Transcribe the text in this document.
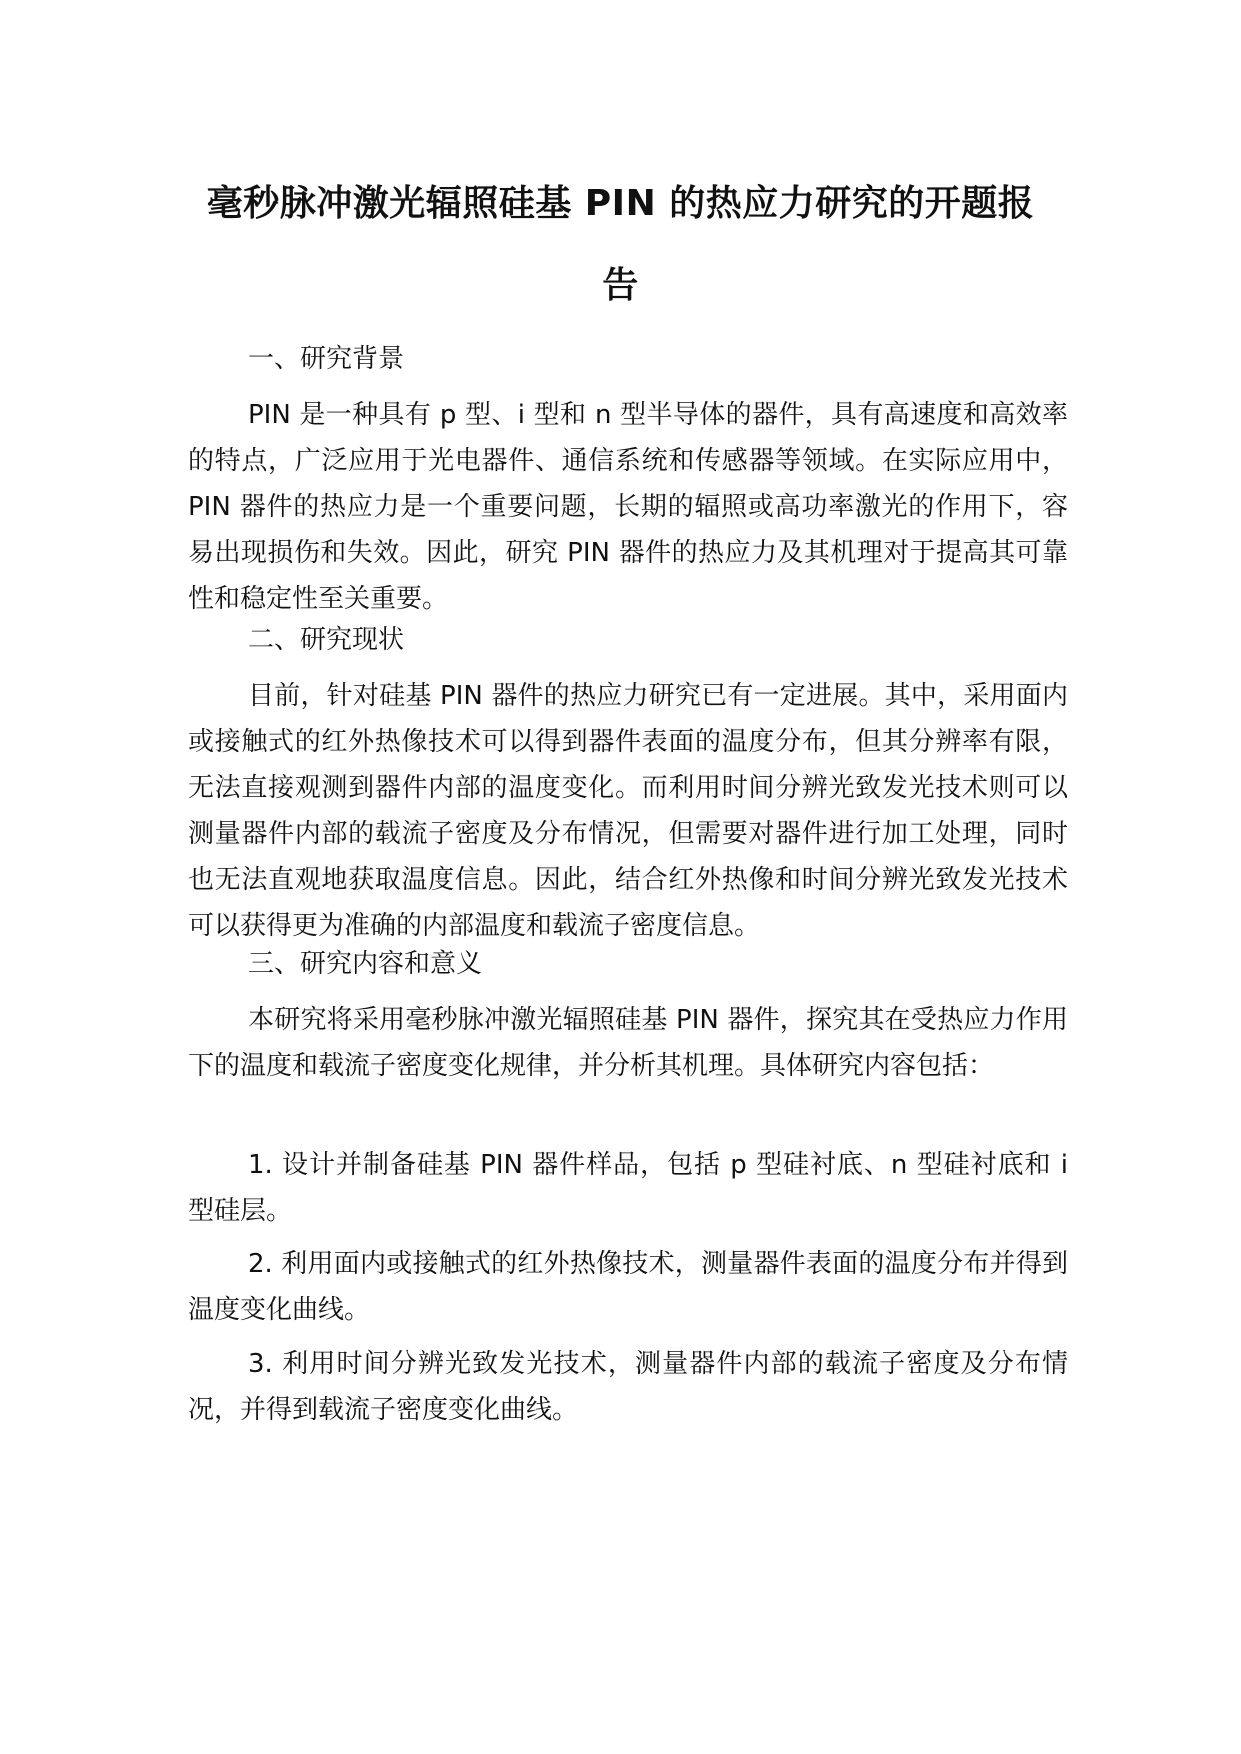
毫秒脉冲激光辐照硅基 PIN 的热应力研究的开题报
告
一、研究背景

PIN 是一种具有 p 型、i 型和 n 型半导体的器件，具有高速度和高效率的特点，广泛应用于光电器件、通信系统和传感器等领域。在实际应用中，PIN 器件的热应力是一个重要问题，长期的辐照或高功率激光的作用下，容易出现损伤和失效。因此，研究 PIN 器件的热应力及其机理对于提高其可靠性和稳定性至关重要。

二、研究现状

目前，针对硅基 PIN 器件的热应力研究已有一定进展。其中，采用面内或接触式的红外热像技术可以得到器件表面的温度分布，但其分辨率有限，无法直接观测到器件内部的温度变化。而利用时间分辨光致发光技术则可以测量器件内部的载流子密度及分布情况，但需要对器件进行加工处理，同时也无法直观地获取温度信息。因此，结合红外热像和时间分辨光致发光技术可以获得更为准确的内部温度和载流子密度信息。

三、研究内容和意义

本研究将采用毫秒脉冲激光辐照硅基 PIN 器件，探究其在受热应力作用下的温度和载流子密度变化规律，并分析其机理。具体研究内容包括：

1. 设计并制备硅基 PIN 器件样品，包括 p 型硅衬底、n 型硅衬底和 i 型硅层。

2. 利用面内或接触式的红外热像技术，测量器件表面的温度分布并得到温度变化曲线。

3. 利用时间分辨光致发光技术，测量器件内部的载流子密度及分布情况，并得到载流子密度变化曲线。
